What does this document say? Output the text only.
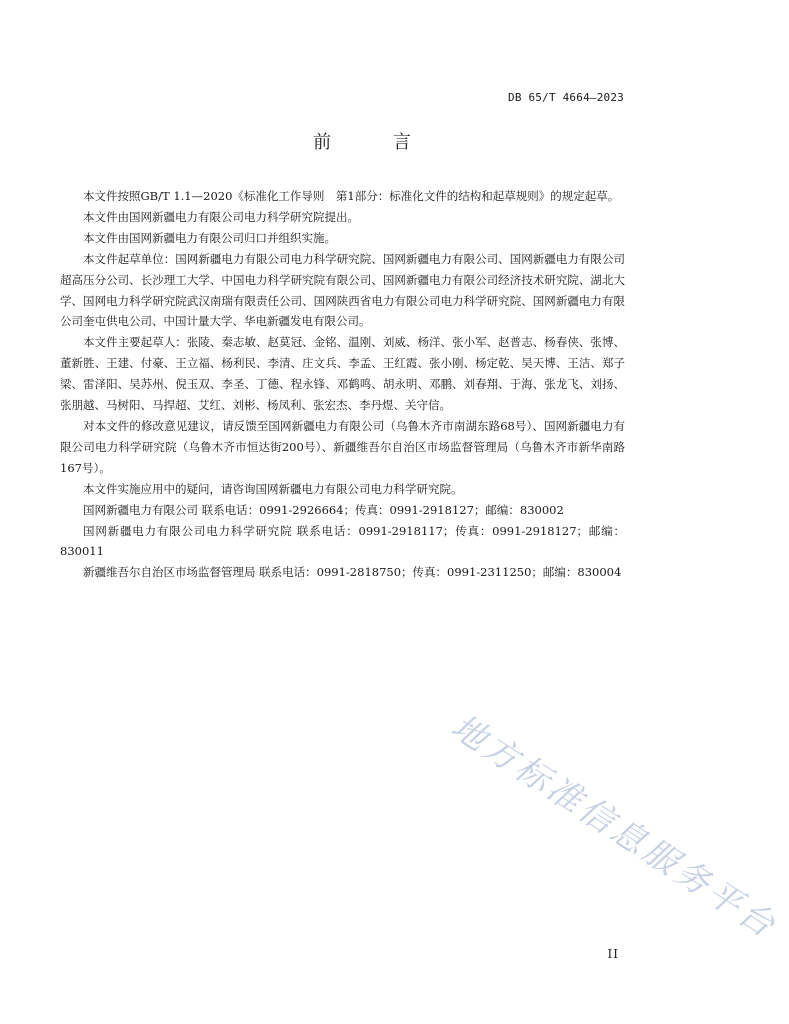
DB 65/T 4664—2023
前 言

本文件按照GB/T 1.1—2020《标准化工作导则　第1部分：标准化文件的结构和起草规则》的规定起草。

本文件由国网新疆电力有限公司电力科学研究院提出。

本文件由国网新疆电力有限公司归口并组织实施。

本文件起草单位：国网新疆电力有限公司电力科学研究院、国网新疆电力有限公司、国网新疆电力有限公司超高压分公司、长沙理工大学、中国电力科学研究院有限公司、国网新疆电力有限公司经济技术研究院、湖北大学、国网电力科学研究院武汉南瑞有限责任公司、国网陕西省电力有限公司电力科学研究院、国网新疆电力有限公司奎屯供电公司、中国计量大学、华电新疆发电有限公司。

本文件主要起草人：张陵、秦志敏、赵莫冠、金铭、温刚、刘威、杨洋、张小军、赵普志、杨春侠、张博、董新胜、王建、付豪、王立福、杨利民、李清、庄文兵、李孟、王红霞、张小刚、杨定乾、吴天博、王洁、郑子梁、雷泽阳、吴苏州、倪玉双、李圣、丁德、程永锋、邓鹤鸣、胡永明、邓鹏、刘春翔、于海、张龙飞、刘扬、张朋越、马树阳、马捍超、艾红、刘彬、杨凤利、张宏杰、李丹煜、关守信。

对本文件的修改意见建议，请反馈至国网新疆电力有限公司（乌鲁木齐市南湖东路68号）、国网新疆电力有限公司电力科学研究院（乌鲁木齐市恒达街200号）、新疆维吾尔自治区市场监督管理局（乌鲁木齐市新华南路167号）。

本文件实施应用中的疑问，请咨询国网新疆电力有限公司电力科学研究院。

国网新疆电力有限公司 联系电话：0991-2926664；传真：0991-2918127；邮编：830002

国网新疆电力有限公司电力科学研究院 联系电话：0991-2918117；传真：0991-2918127；邮编：830011

新疆维吾尔自治区市场监督管理局 联系电话：0991-2818750；传真：0991-2311250；邮编：830004

地方标准信息服务平台
II
